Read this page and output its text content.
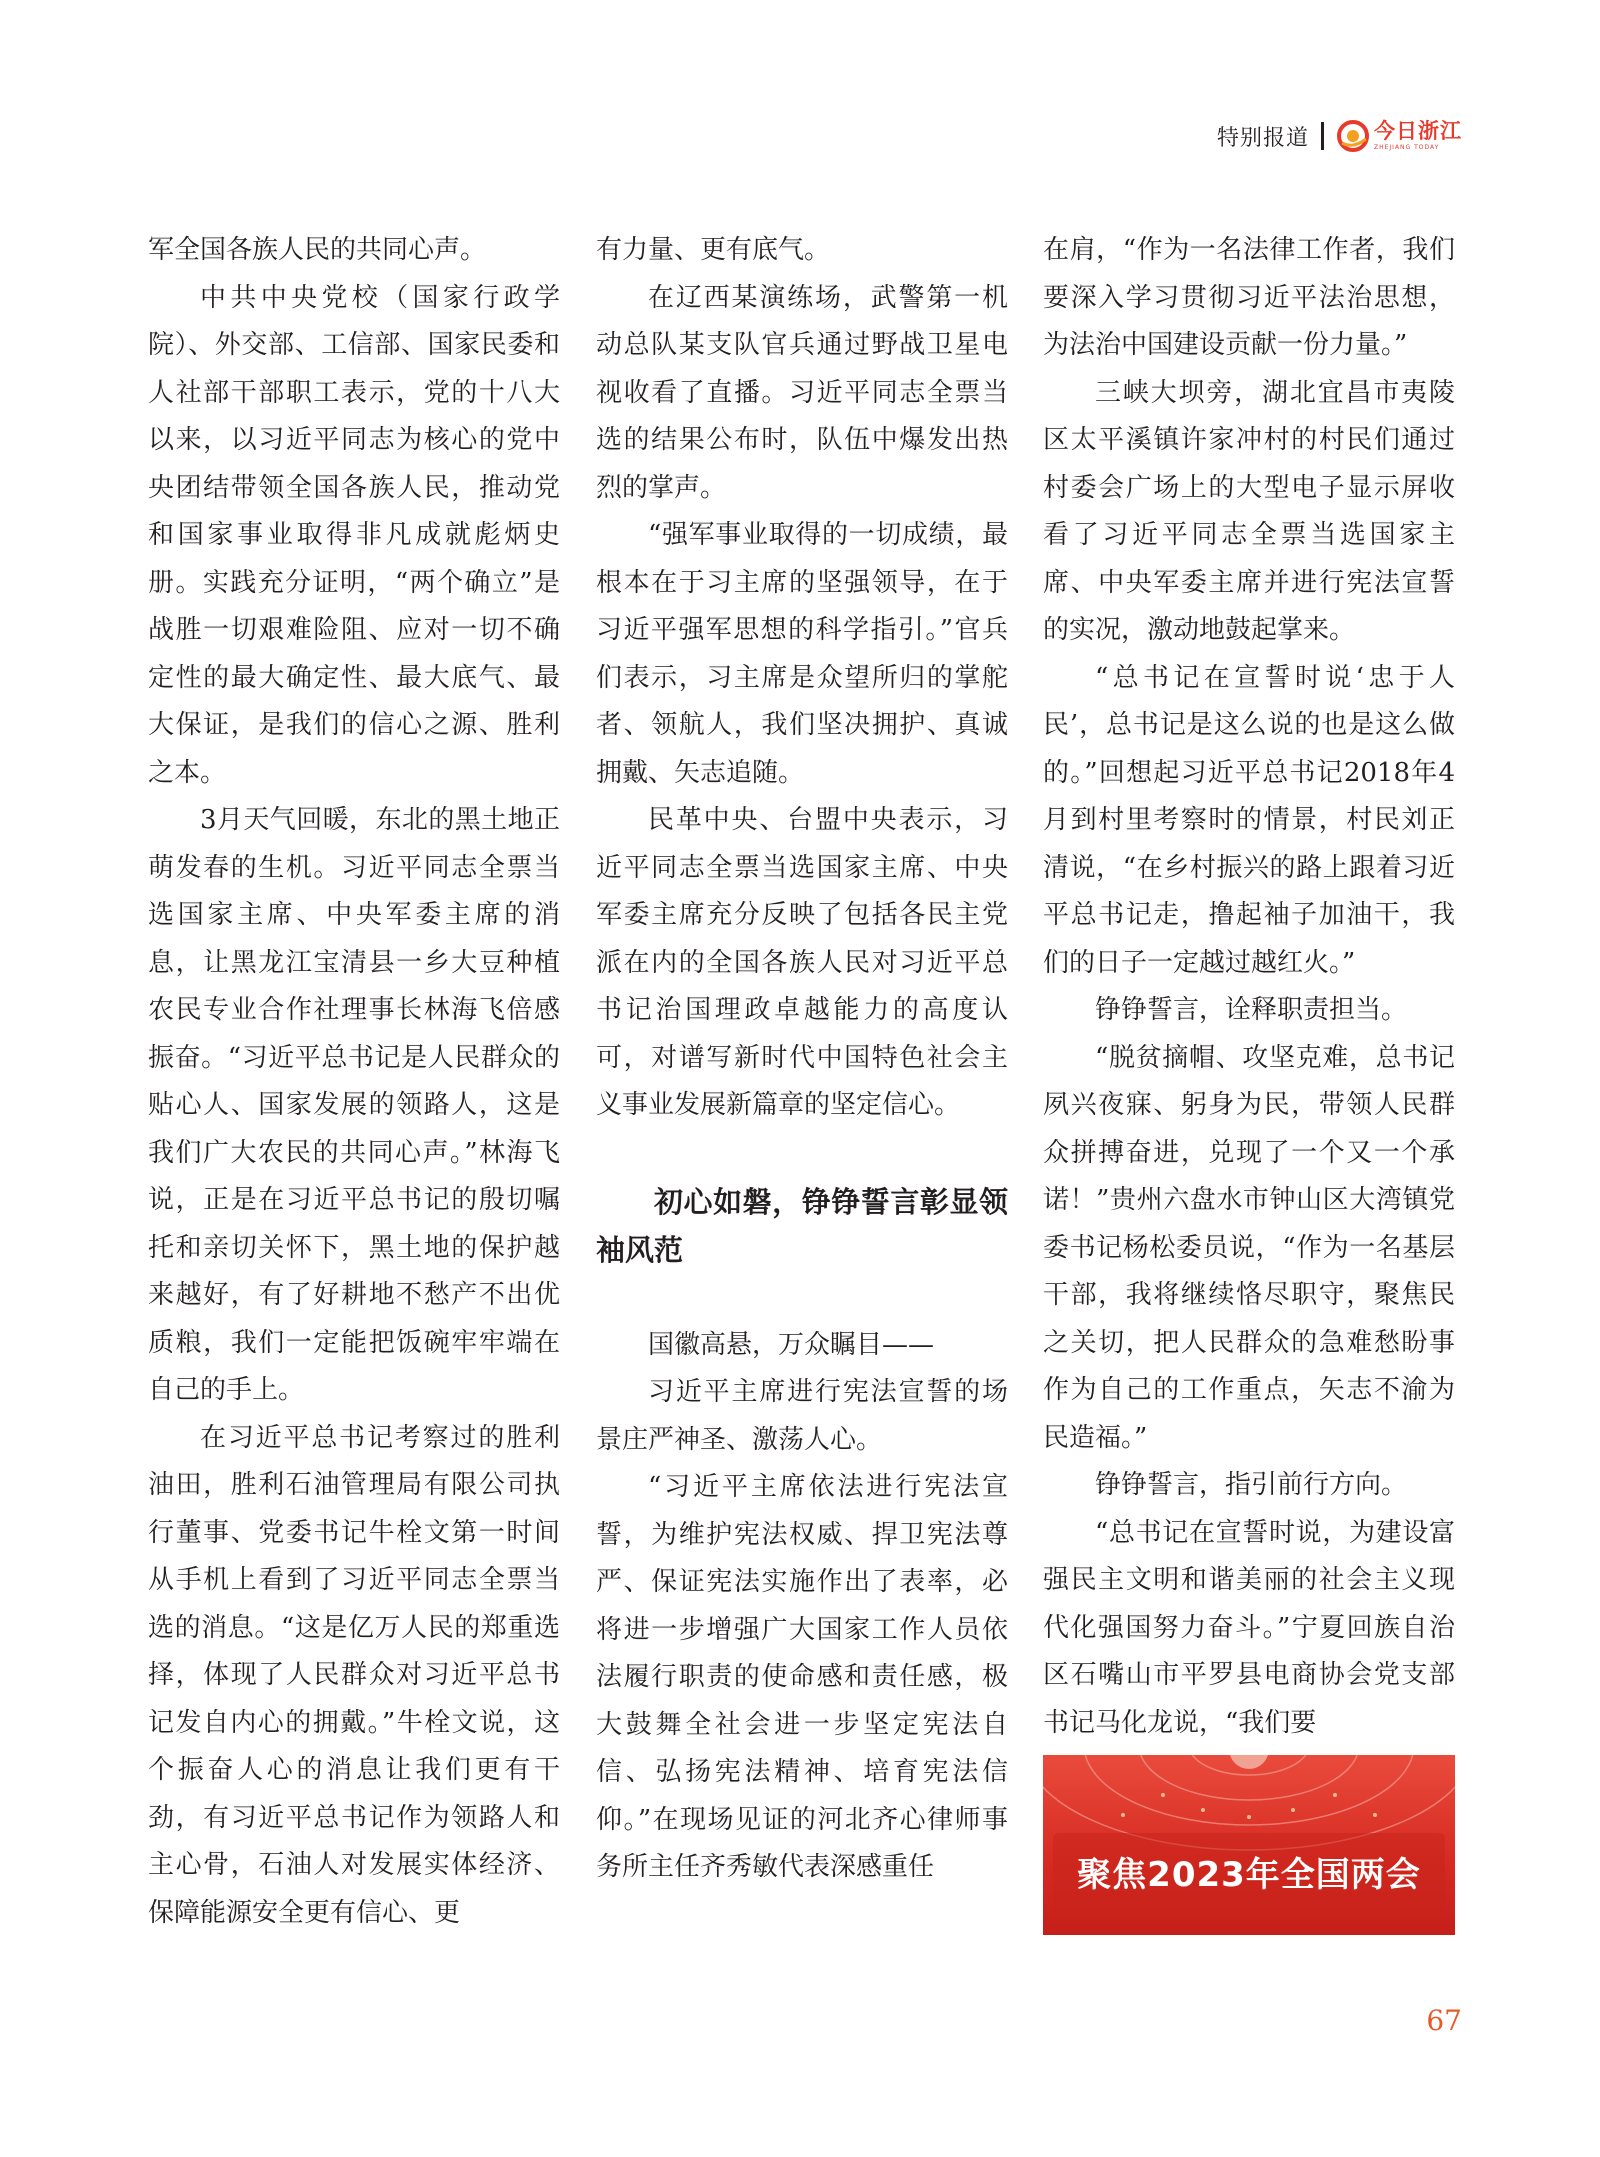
特别报道	今日浙江
ZHEJIANG TODAY

军全国各族人民的共同心声。

中共中央党校（国家行政学院）、外交部、工信部、国家民委和人社部干部职工表示，党的十八大以来，以习近平同志为核心的党中央团结带领全国各族人民，推动党和国家事业取得非凡成就彪炳史册。实践充分证明，“两个确立”是战胜一切艰难险阻、应对一切不确定性的最大确定性、最大底气、最大保证，是我们的信心之源、胜利之本。

3月天气回暖，东北的黑土地正萌发春的生机。习近平同志全票当选国家主席、中央军委主席的消息，让黑龙江宝清县一乡大豆种植农民专业合作社理事长林海飞倍感振奋。“习近平总书记是人民群众的贴心人、国家发展的领路人，这是我们广大农民的共同心声。”林海飞说，正是在习近平总书记的殷切嘱托和亲切关怀下，黑土地的保护越来越好，有了好耕地不愁产不出优质粮，我们一定能把饭碗牢牢端在自己的手上。

在习近平总书记考察过的胜利油田，胜利石油管理局有限公司执行董事、党委书记牛栓文第一时间从手机上看到了习近平同志全票当选的消息。“这是亿万人民的郑重选择，体现了人民群众对习近平总书记发自内心的拥戴。”牛栓文说，这个振奋人心的消息让我们更有干劲，有习近平总书记作为领路人和主心骨，石油人对发展实体经济、保障能源安全更有信心、更

有力量、更有底气。

在辽西某演练场，武警第一机动总队某支队官兵通过野战卫星电视收看了直播。习近平同志全票当选的结果公布时，队伍中爆发出热烈的掌声。

“强军事业取得的一切成绩，最根本在于习主席的坚强领导，在于习近平强军思想的科学指引。”官兵们表示，习主席是众望所归的掌舵者、领航人，我们坚决拥护、真诚拥戴、矢志追随。

民革中央、台盟中央表示，习近平同志全票当选国家主席、中央军委主席充分反映了包括各民主党派在内的全国各族人民对习近平总书记治国理政卓越能力的高度认可，对谱写新时代中国特色社会主义事业发展新篇章的坚定信心。

初心如磐，铮铮誓言彰显领袖风范

国徽高悬，万众瞩目——

习近平主席进行宪法宣誓的场景庄严神圣、激荡人心。

“习近平主席依法进行宪法宣誓，为维护宪法权威、捍卫宪法尊严、保证宪法实施作出了表率，必将进一步增强广大国家工作人员依法履行职责的使命感和责任感，极大鼓舞全社会进一步坚定宪法自信、弘扬宪法精神、培育宪法信仰。”在现场见证的河北齐心律师事务所主任齐秀敏代表深感重任

在肩，“作为一名法律工作者，我们要深入学习贯彻习近平法治思想，为法治中国建设贡献一份力量。”

三峡大坝旁，湖北宜昌市夷陵区太平溪镇许家冲村的村民们通过村委会广场上的大型电子显示屏收看了习近平同志全票当选国家主席、中央军委主席并进行宪法宣誓的实况，激动地鼓起掌来。

“总书记在宣誓时说‘忠于人民’，总书记是这么说的也是这么做的。”回想起习近平总书记2018年4月到村里考察时的情景，村民刘正清说，“在乡村振兴的路上跟着习近平总书记走，撸起袖子加油干，我们的日子一定越过越红火。”

铮铮誓言，诠释职责担当。

“脱贫摘帽、攻坚克难，总书记夙兴夜寐、躬身为民，带领人民群众拼搏奋进，兑现了一个又一个承诺！”贵州六盘水市钟山区大湾镇党委书记杨松委员说，“作为一名基层干部，我将继续恪尽职守，聚焦民之关切，把人民群众的急难愁盼事作为自己的工作重点，矢志不渝为民造福。”

铮铮誓言，指引前行方向。

“总书记在宣誓时说，为建设富强民主文明和谐美丽的社会主义现代化强国努力奋斗。”宁夏回族自治区石嘴山市平罗县电商协会党支部书记马化龙说，“我们要

聚焦2023年全国两会
67
